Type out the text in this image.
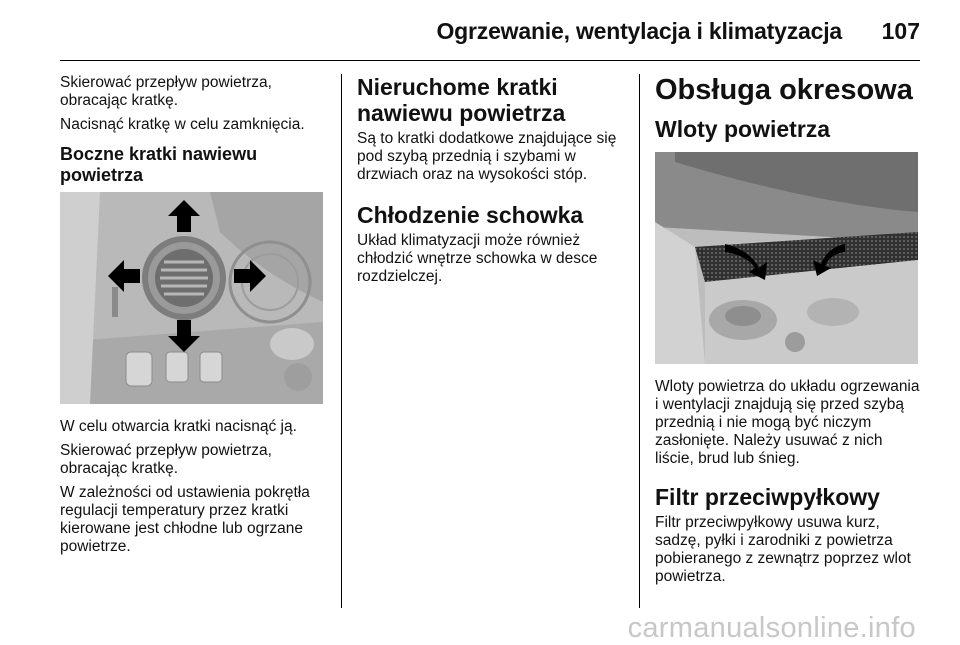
Ogrzewanie, wentylacja i klimatyzacja 107

Skierować przepływ powietrza, obracając kratkę.

Nacisnąć kratkę w celu zamknięcia.

Boczne kratki nawiewu powietrza

W celu otwarcia kratki nacisnąć ją.

Skierować przepływ powietrza, obracając kratkę.

W zależności od ustawienia pokrętła regulacji temperatury przez kratki kierowane jest chłodne lub ogrzane powietrze.

Nieruchome kratki nawiewu powietrza

Są to kratki dodatkowe znajdujące się pod szybą przednią i szybami w drzwiach oraz na wysokości stóp.

Chłodzenie schowka

Układ klimatyzacji może również chłodzić wnętrze schowka w desce rozdzielczej.

Obsługa okresowa
Wloty powietrza

Wloty powietrza do układu ogrzewania i wentylacji znajdują się przed szybą przednią i nie mogą być niczym zasłonięte. Należy usuwać z nich liście, brud lub śnieg.

Filtr przeciwpyłkowy

Filtr przeciwpyłkowy usuwa kurz, sadzę, pyłki i zarodniki z powietrza pobieranego z zewnątrz poprzez wlot powietrza.

carmanualsonline.info
